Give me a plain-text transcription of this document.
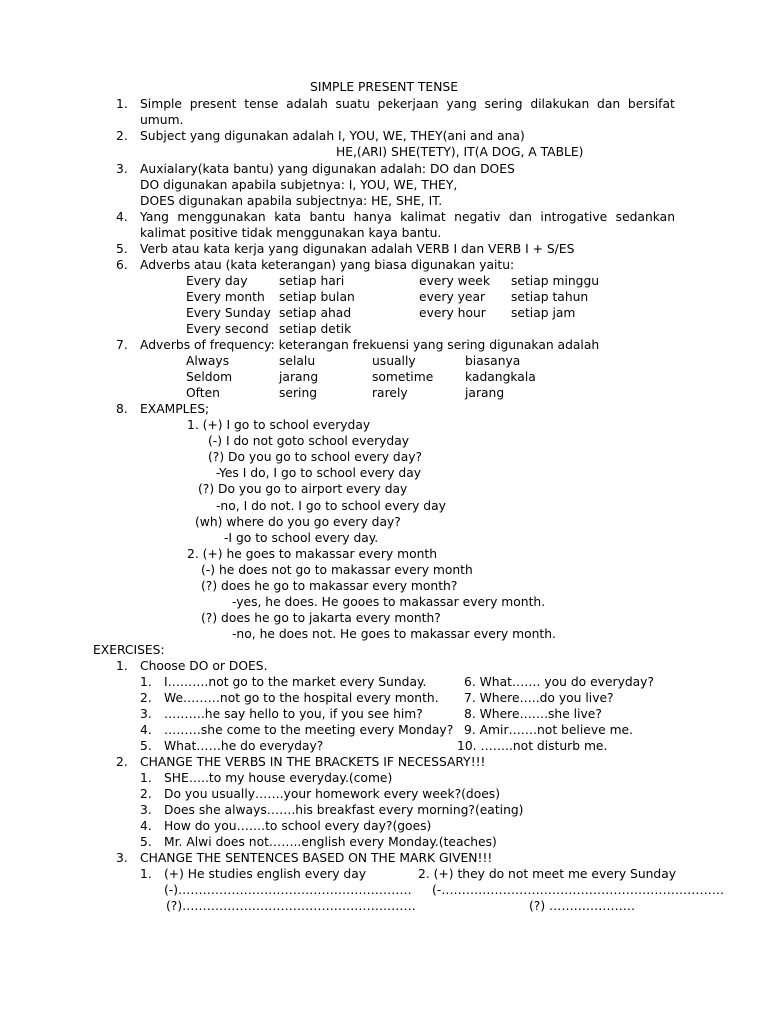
SIMPLE PRESENT TENSE
1. Simple present tense adalah suatu pekerjaan yang sering dilakukan dan bersifat
umum.
2. Subject yang digunakan adalah I, YOU, WE, THEY(ani and ana)
HE,(ARI) SHE(TETY), IT(A DOG, A TABLE)
3. Auxialary(kata bantu) yang digunakan adalah: DO dan DOES
DO digunakan apabila subjetnya: I, YOU, WE, THEY,
DOES digunakan apabila subjectnya: HE, SHE, IT.
4. Yang menggunakan kata bantu hanya kalimat negativ dan introgative sedankan
kalimat positive tidak menggunakan kaya bantu.
5. Verb atau kata kerja yang digunakan adalah VERB I dan VERB I + S/ES
6. Adverbs atau (kata keterangan) yang biasa digunakan yaitu:
Every day	setiap hari	every week setiap minggu
Every month setiap bulan	every year setiap tahun
Every Sunday setiap ahad	every hour setiap jam
Every second setiap detik
7. Adverbs of frequency: keterangan frekuensi yang sering digunakan adalah
Always	selalu	usually	biasanya
Seldom	jarang	sometime	kadangkala
Often	sering	rarely	jarang
8. EXAMPLES;
1. (+) I go to school everyday
(-) I do not goto school everyday
(?) Do you go to school every day?
-Yes I do, I go to school every day
(?) Do you go to airport every day
-no, I do not. I go to school every day
(wh) where do you go every day?
-I go to school every day.
2. (+) he goes to makassar every month
(-) he does not go to makassar every month
(?) does he go to makassar every month?
-yes, he does. He gooes to makassar every month.
(?) does he go to jakarta every month?
-no, he does not. He goes to makassar every month.
EXERCISES:
1. Choose DO or DOES.
1. I……….not go to the market every Sunday.	6. What……. you do everyday?
2. We………not go to the hospital every month. 7. Where…..do you live?
3. ……….he say hello to you, if you see him?	8. Where…….she live?
4. ………she come to the meeting every Monday? 9. Amir…….not believe me.
5. What……he do everyday?	10. ……..not disturb me.
2. CHANGE THE VERBS IN THE BRACKETS IF NECESSARY!!!
1. SHE…..to my house everyday.(come)
2. Do you usually…….your homework every week?(does)
3. Does she always…….his breakfast every morning?(eating)
4. How do you…….to school every day?(goes)
5. Mr. Alwi does not……..english every Monday.(teaches)
3. CHANGE THE SENTENCES BASED ON THE MARK GIVEN!!!
1. (+) He studies english every day	2. (+) they do not meet me every Sunday
(-)………………………………………………… (-……………………………………………………………
(?)…………………………………………………	(?) …………………
